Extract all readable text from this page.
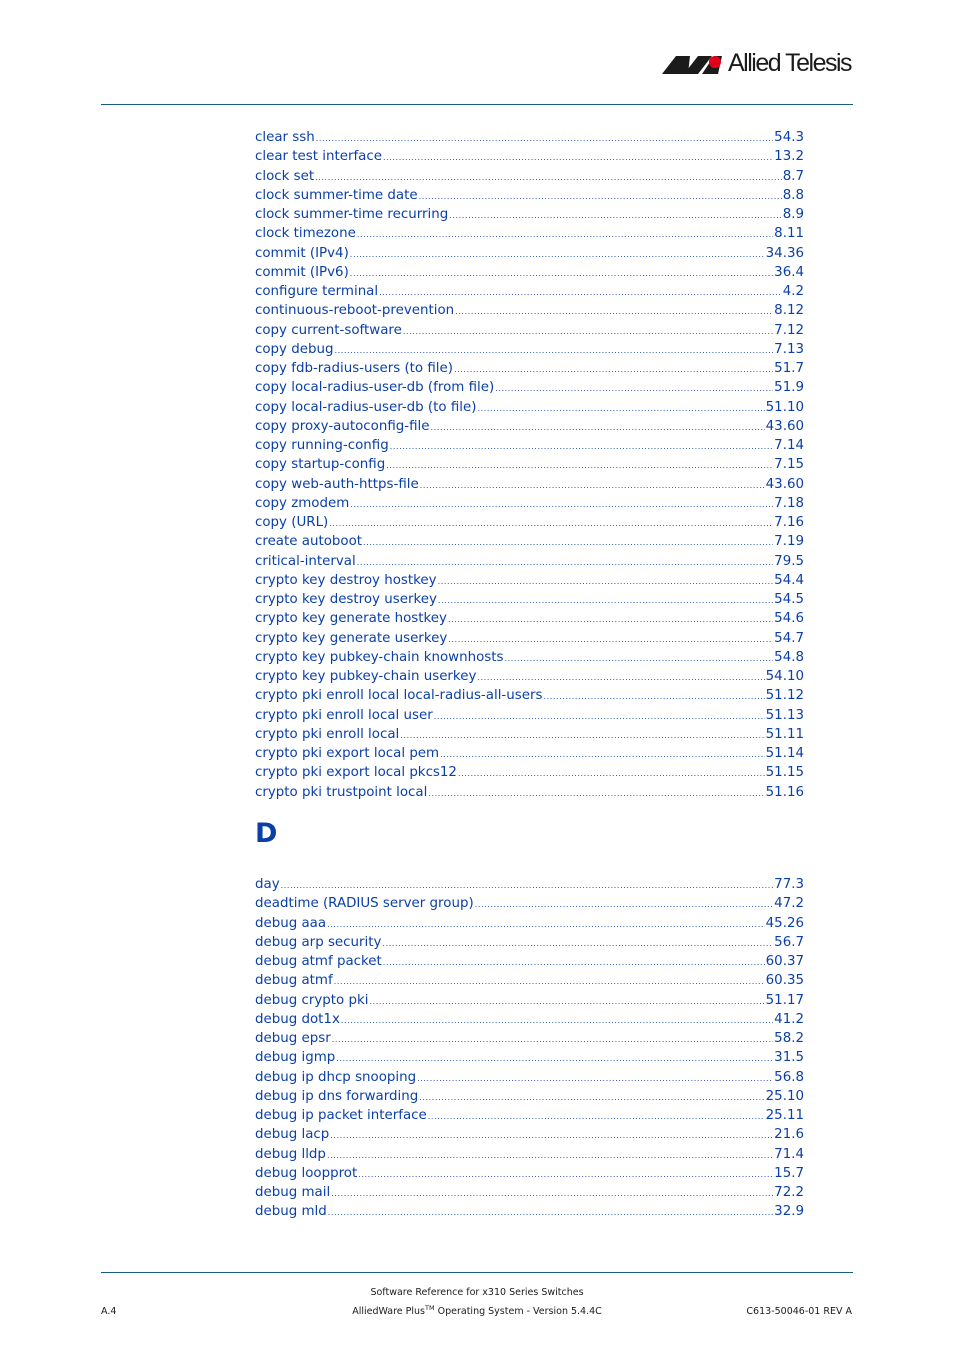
Allied Telesis
clear ssh .....	54.3
clear test interface .....	13.2
clock set .....	8.7
clock summer-time date .....	8.8
clock summer-time recurring .....	8.9
clock timezone .....	8.11
commit (IPv4) .....	34.36
commit (IPv6) .....	36.4
configure terminal .....	4.2
continuous-reboot-prevention .....	8.12
copy current-software .....	7.12
copy debug .....	7.13
copy fdb-radius-users (to file) .....	51.7
copy local-radius-user-db (from file) .....	51.9
copy local-radius-user-db (to file) .....	51.10
copy proxy-autoconfig-file .....	43.60
copy running-config .....	7.14
copy startup-config .....	7.15
copy web-auth-https-file .....	43.60
copy zmodem .....	7.18
copy (URL) .....	7.16
create autoboot .....	7.19
critical-interval .....	79.5
crypto key destroy hostkey .....	54.4
crypto key destroy userkey .....	54.5
crypto key generate hostkey .....	54.6
crypto key generate userkey .....	54.7
crypto key pubkey-chain knownhosts .....	54.8
crypto key pubkey-chain userkey .....	54.10
crypto pki enroll local local-radius-all-users .....	51.12
crypto pki enroll local user .....	51.13
crypto pki enroll local .....	51.11
crypto pki export local pem .....	51.14
crypto pki export local pkcs12 .....	51.15
crypto pki trustpoint local .....	51.16
D
day .....	77.3
deadtime (RADIUS server group) .....	47.2
debug aaa .....	45.26
debug arp security .....	56.7
debug atmf packet .....	60.37
debug atmf .....	60.35
debug crypto pki .....	51.17
debug dot1x .....	41.2
debug epsr .....	58.2
debug igmp .....	31.5
debug ip dhcp snooping .....	56.8
debug ip dns forwarding .....	25.10
debug ip packet interface .....	25.11
debug lacp .....	21.6
debug lldp .....	71.4
debug loopprot .....	15.7
debug mail .....	72.2
debug mld .....	32.9
Software Reference for x310 Series Switches
A.4	AlliedWare Plus™ Operating System - Version 5.4.4C	C613-50046-01 REV A
